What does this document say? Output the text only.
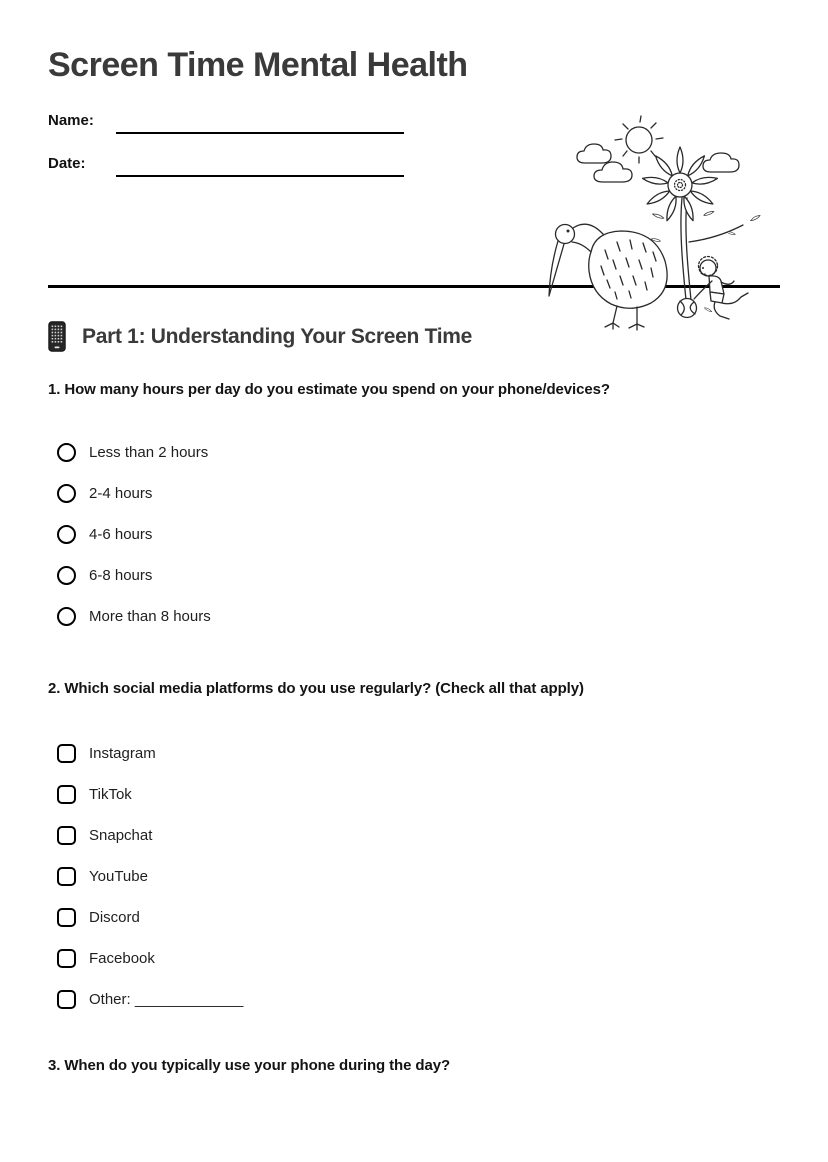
Screen Time Mental Health
Name:
Date:
Part 1: Understanding Your Screen Time
1. How many hours per day do you estimate you spend on your phone/devices?
Less than 2 hours
2-4 hours
4-6 hours
6-8 hours
More than 8 hours
2. Which social media platforms do you use regularly? (Check all that apply)
Instagram
TikTok
Snapchat
YouTube
Discord
Facebook
Other: _____________
3. When do you typically use your phone during the day?
